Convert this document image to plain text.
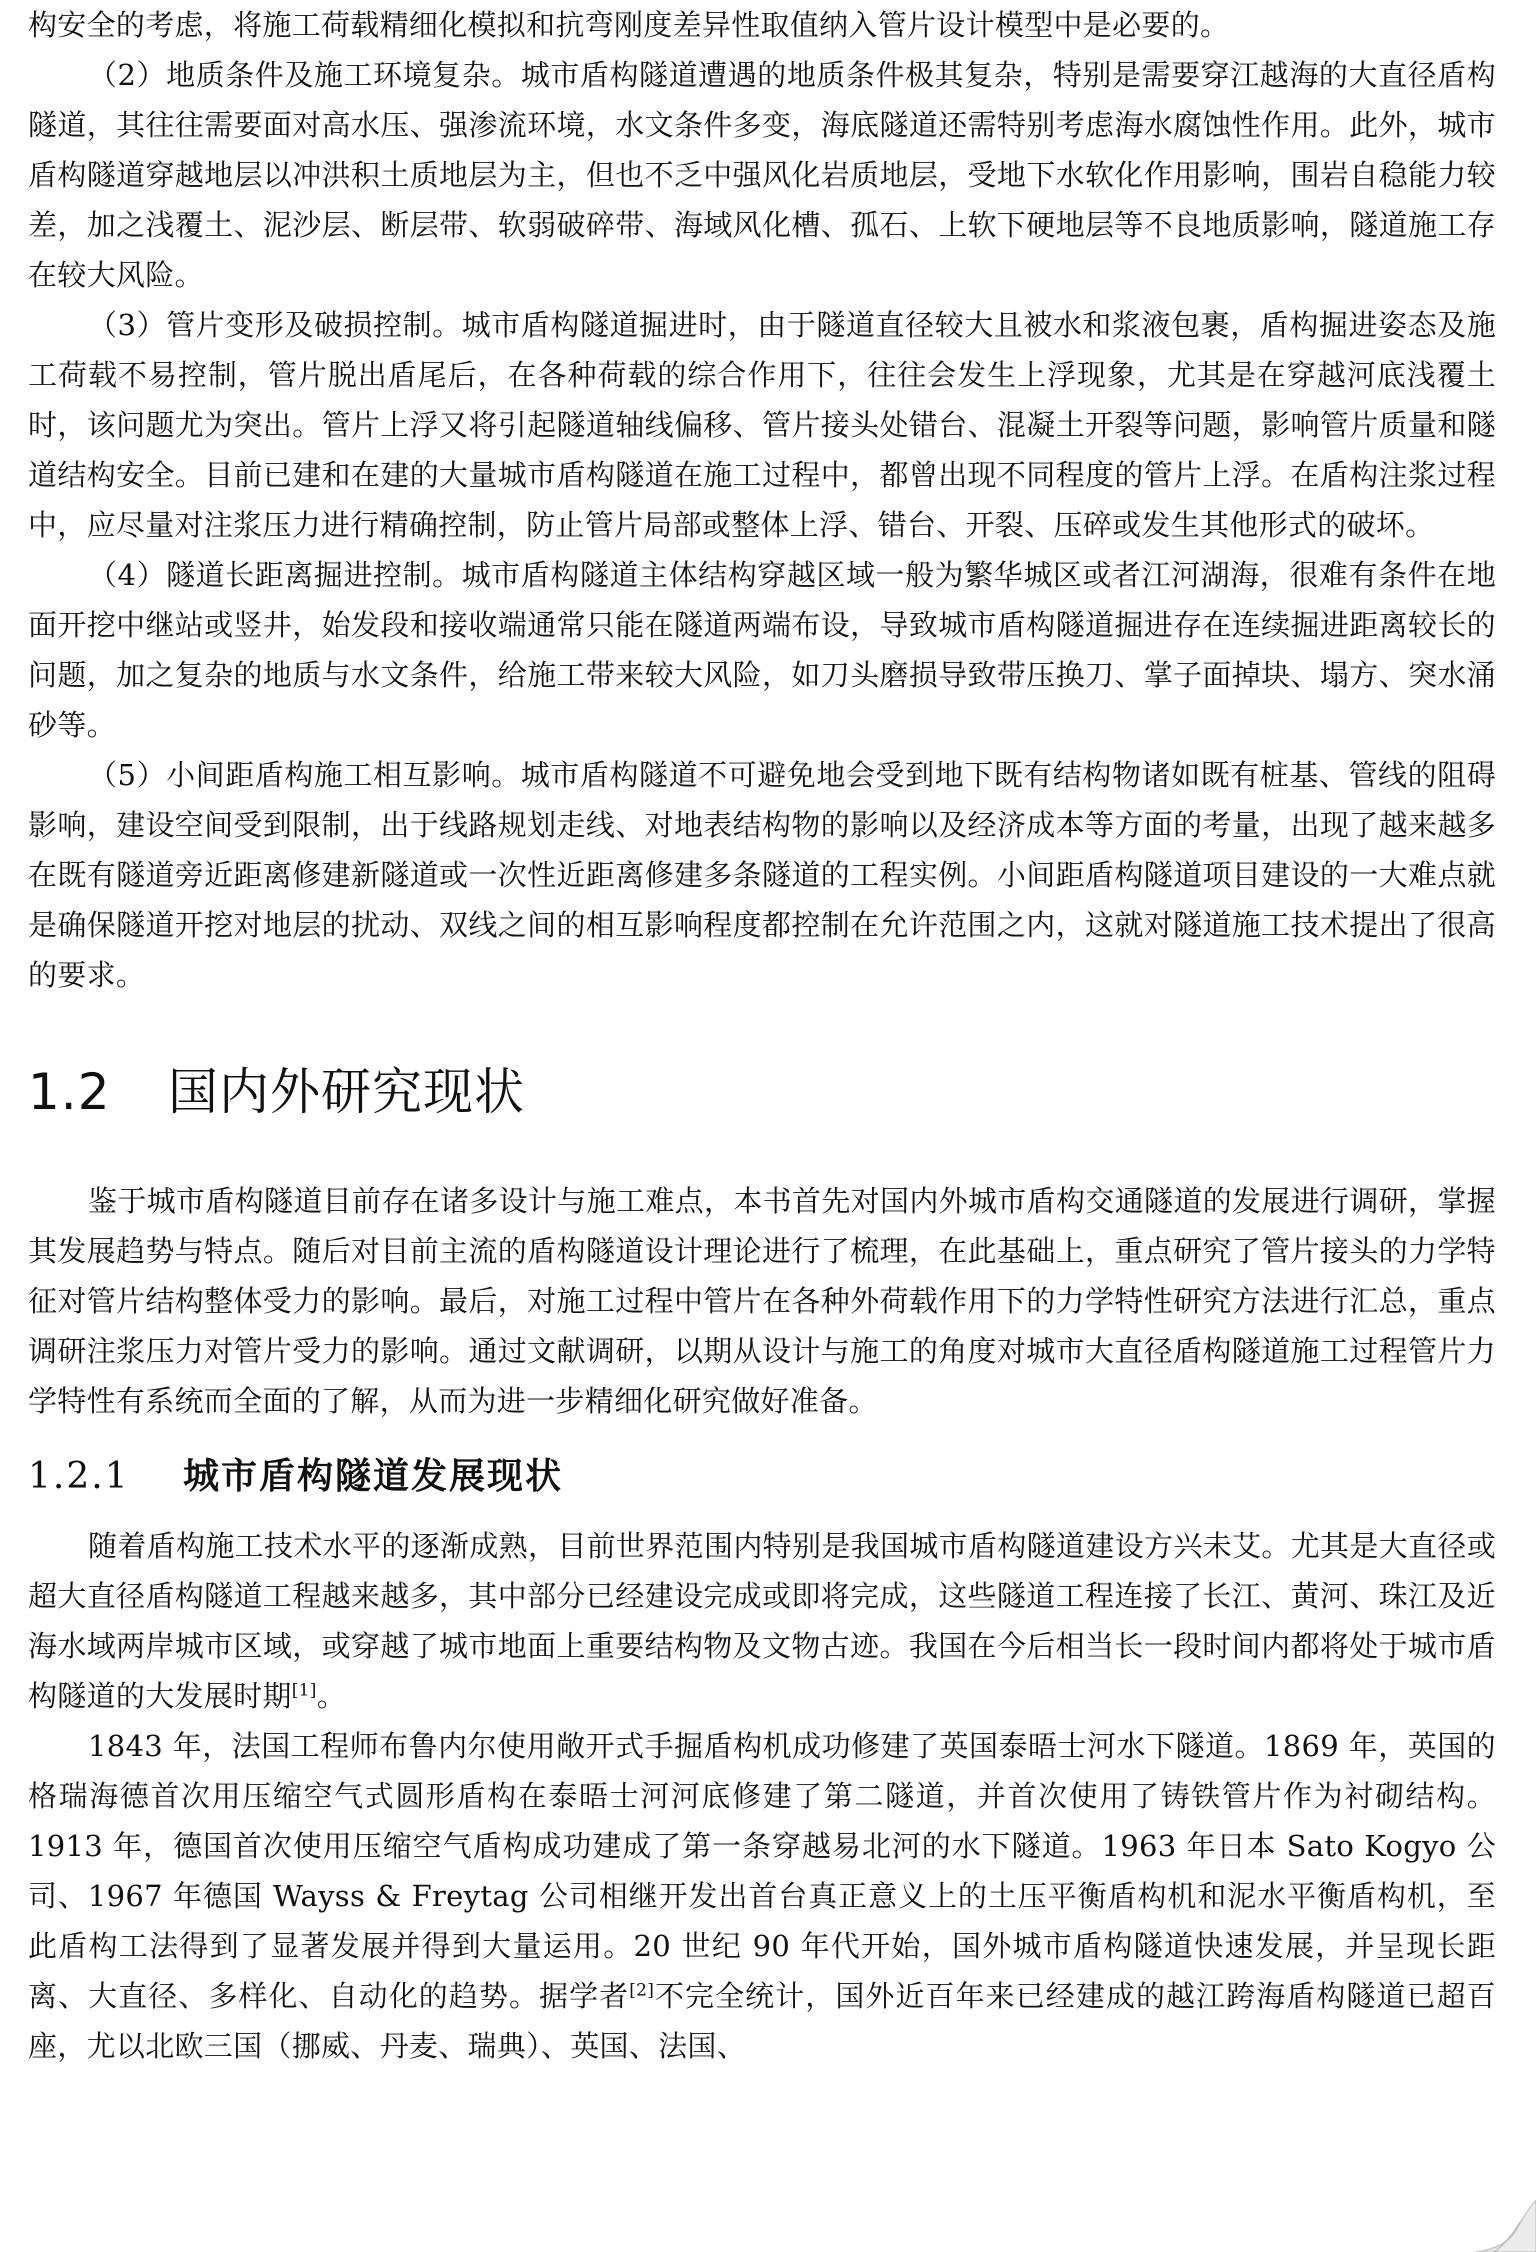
构安全的考虑，将施工荷载精细化模拟和抗弯刚度差异性取值纳入管片设计模型中是必要的。

（2）地质条件及施工环境复杂。城市盾构隧道遭遇的地质条件极其复杂，特别是需要穿江越海的大直径盾构隧道，其往往需要面对高水压、强渗流环境，水文条件多变，海底隧道还需特别考虑海水腐蚀性作用。此外，城市盾构隧道穿越地层以冲洪积土质地层为主，但也不乏中强风化岩质地层，受地下水软化作用影响，围岩自稳能力较差，加之浅覆土、泥沙层、断层带、软弱破碎带、海域风化槽、孤石、上软下硬地层等不良地质影响，隧道施工存在较大风险。

（3）管片变形及破损控制。城市盾构隧道掘进时，由于隧道直径较大且被水和浆液包裹，盾构掘进姿态及施工荷载不易控制，管片脱出盾尾后，在各种荷载的综合作用下，往往会发生上浮现象，尤其是在穿越河底浅覆土时，该问题尤为突出。管片上浮又将引起隧道轴线偏移、管片接头处错台、混凝土开裂等问题，影响管片质量和隧道结构安全。目前已建和在建的大量城市盾构隧道在施工过程中，都曾出现不同程度的管片上浮。在盾构注浆过程中，应尽量对注浆压力进行精确控制，防止管片局部或整体上浮、错台、开裂、压碎或发生其他形式的破坏。

（4）隧道长距离掘进控制。城市盾构隧道主体结构穿越区域一般为繁华城区或者江河湖海，很难有条件在地面开挖中继站或竖井，始发段和接收端通常只能在隧道两端布设，导致城市盾构隧道掘进存在连续掘进距离较长的问题，加之复杂的地质与水文条件，给施工带来较大风险，如刀头磨损导致带压换刀、掌子面掉块、塌方、突水涌砂等。

（5）小间距盾构施工相互影响。城市盾构隧道不可避免地会受到地下既有结构物诸如既有桩基、管线的阻碍影响，建设空间受到限制，出于线路规划走线、对地表结构物的影响以及经济成本等方面的考量，出现了越来越多在既有隧道旁近距离修建新隧道或一次性近距离修建多条隧道的工程实例。小间距盾构隧道项目建设的一大难点就是确保隧道开挖对地层的扰动、双线之间的相互影响程度都控制在允许范围之内，这就对隧道施工技术提出了很高的要求。

1.2 国内外研究现状

鉴于城市盾构隧道目前存在诸多设计与施工难点，本书首先对国内外城市盾构交通隧道的发展进行调研，掌握其发展趋势与特点。随后对目前主流的盾构隧道设计理论进行了梳理，在此基础上，重点研究了管片接头的力学特征对管片结构整体受力的影响。最后，对施工过程中管片在各种外荷载作用下的力学特性研究方法进行汇总，重点调研注浆压力对管片受力的影响。通过文献调研，以期从设计与施工的角度对城市大直径盾构隧道施工过程管片力学特性有系统而全面的了解，从而为进一步精细化研究做好准备。

1.2.1 城市盾构隧道发展现状

随着盾构施工技术水平的逐渐成熟，目前世界范围内特别是我国城市盾构隧道建设方兴未艾。尤其是大直径或超大直径盾构隧道工程越来越多，其中部分已经建设完成或即将完成，这些隧道工程连接了长江、黄河、珠江及近海水域两岸城市区域，或穿越了城市地面上重要结构物及文物古迹。我国在今后相当长一段时间内都将处于城市盾构隧道的大发展时期[1]。

1843 年，法国工程师布鲁内尔使用敞开式手掘盾构机成功修建了英国泰晤士河水下隧道。1869 年，英国的格瑞海德首次用压缩空气式圆形盾构在泰晤士河河底修建了第二隧道，并首次使用了铸铁管片作为衬砌结构。1913 年，德国首次使用压缩空气盾构成功建成了第一条穿越易北河的水下隧道。1963 年日本 Sato Kogyo 公司、1967 年德国 Wayss & Freytag 公司相继开发出首台真正意义上的土压平衡盾构机和泥水平衡盾构机，至此盾构工法得到了显著发展并得到大量运用。20 世纪 90 年代开始，国外城市盾构隧道快速发展，并呈现长距离、大直径、多样化、自动化的趋势。据学者[2]不完全统计，国外近百年来已经建成的越江跨海盾构隧道已超百座，尤以北欧三国（挪威、丹麦、瑞典）、英国、法国、
